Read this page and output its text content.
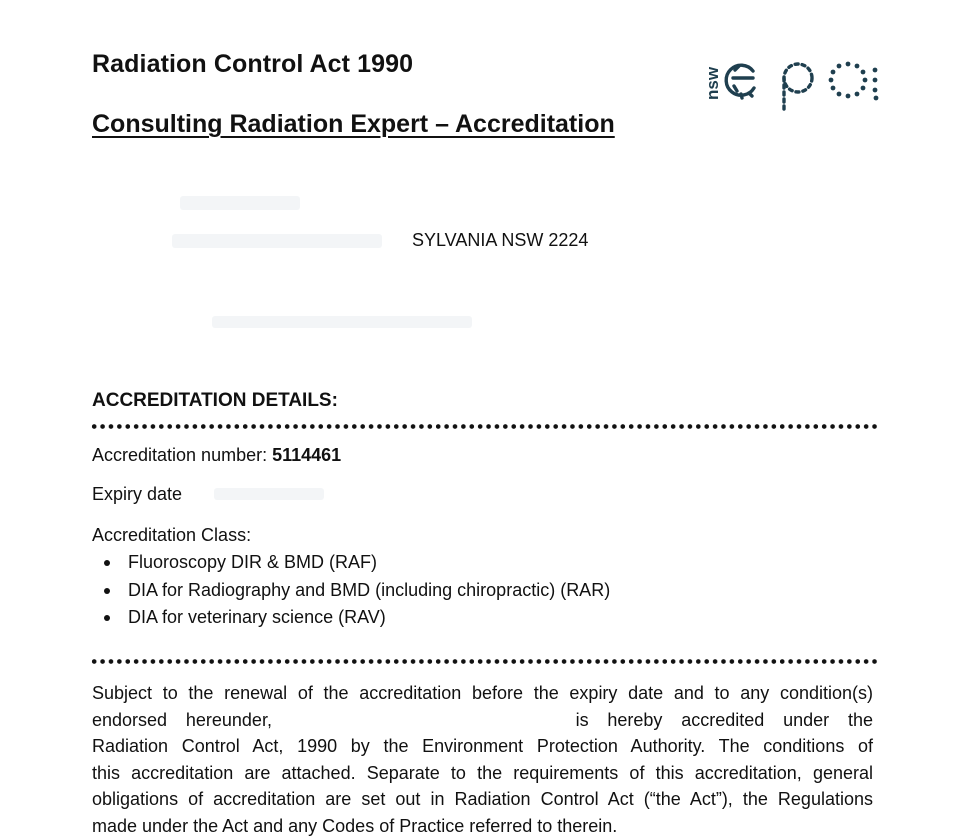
Radiation Control Act 1990
Consulting Radiation Expert – Accreditation
nsw
SYLVANIA NSW 2224
ACCREDITATION DETAILS:
Accreditation number: 5114461
Expiry date
Accreditation Class:
Fluoroscopy DIR & BMD (RAF)
DIA for Radiography and BMD (including chiropractic) (RAR)
DIA for veterinary science (RAV)
Subject to the renewal of the accreditation before the expiry date and to any condition(s)
endorsed hereunder,	is hereby accredited under the
Radiation Control Act, 1990 by the Environment Protection Authority. The conditions of
this accreditation are attached. Separate to the requirements of this accreditation, general
obligations of accreditation are set out in Radiation Control Act (“the Act”), the Regulations
made under the Act and any Codes of Practice referred to therein.
